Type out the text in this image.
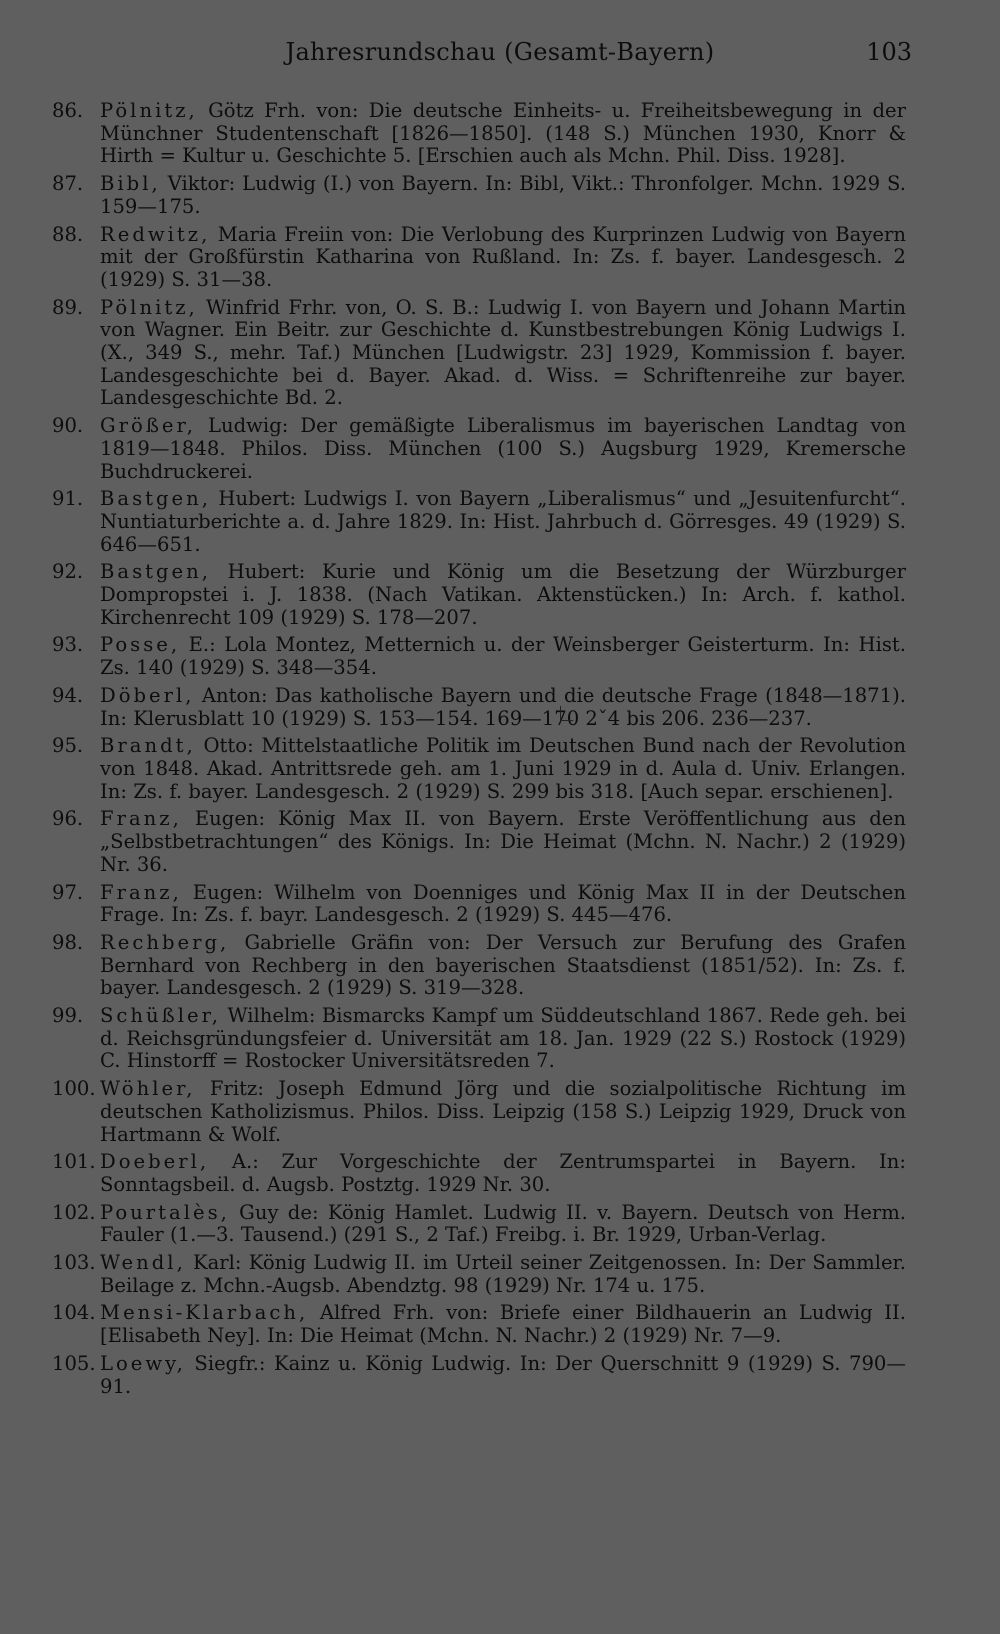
Jahresrundschau (Gesamt-Bayern)	103
86. Pölnitz, Götz Frh. von: Die deutsche Einheits- u. Freiheitsbewegung in der Münchner Studentenschaft [1826—1850]. (148 S.) München 1930, Knorr & Hirth = Kultur u. Geschichte 5. [Erschien auch als Mchn. Phil. Diss. 1928].
87. Bibl, Viktor: Ludwig (I.) von Bayern. In: Bibl, Vikt.: Thronfolger. Mchn. 1929 S. 159—175.
88. Redwitz, Maria Freiin von: Die Verlobung des Kurprinzen Ludwig von Bayern mit der Großfürstin Katharina von Rußland. In: Zs. f. bayer. Landesgesch. 2 (1929) S. 31—38.
89. Pölnitz, Winfrid Frhr. von, O. S. B.: Ludwig I. von Bayern und Johann Martin von Wagner. Ein Beitr. zur Geschichte d. Kunstbestrebungen König Ludwigs I. (X., 349 S., mehr. Taf.) München [Ludwigstr. 23] 1929, Kommission f. bayer. Landesgeschichte bei d. Bayer. Akad. d. Wiss. = Schriftenreihe zur bayer. Landesgeschichte Bd. 2.
90. Größer, Ludwig: Der gemäßigte Liberalismus im bayerischen Landtag von 1819—1848. Philos. Diss. München (100 S.) Augsburg 1929, Kremersche Buchdruckerei.
91. Bastgen, Hubert: Ludwigs I. von Bayern „Liberalismus“ und „Jesuitenfurcht“. Nuntiaturberichte a. d. Jahre 1829. In: Hist. Jahrbuch d. Görresges. 49 (1929) S. 646—651.
92. Bastgen, Hubert: Kurie und König um die Besetzung der Würzburger Dompropstei i. J. 1838. (Nach Vatikan. Aktenstücken.) In: Arch. f. kathol. Kirchenrecht 109 (1929) S. 178—207.
93. Posse, E.: Lola Montez, Metternich u. der Weinsberger Geisterturm. In: Hist. Zs. 140 (1929) S. 348—354.
94. Döberl, Anton: Das katholische Bayern und die deutsche Frage (1848—1871). In: Klerusblatt 10 (1929) S. 153—154. 169—170 2ˇ4 bis 206. 236—237.
95. Brandt, Otto: Mittelstaatliche Politik im Deutschen Bund nach der Revolution von 1848. Akad. Antrittsrede geh. am 1. Juni 1929 in d. Aula d. Univ. Erlangen. In: Zs. f. bayer. Landesgesch. 2 (1929) S. 299 bis 318. [Auch separ. erschienen].
96. Franz, Eugen: König Max II. von Bayern. Erste Veröffentlichung aus den „Selbstbetrachtungen“ des Königs. In: Die Heimat (Mchn. N. Nachr.) 2 (1929) Nr. 36.
97. Franz, Eugen: Wilhelm von Doenniges und König Max II in der Deutschen Frage. In: Zs. f. bayr. Landesgesch. 2 (1929) S. 445—476.
98. Rechberg, Gabrielle Gräfin von: Der Versuch zur Berufung des Grafen Bernhard von Rechberg in den bayerischen Staatsdienst (1851/52). In: Zs. f. bayer. Landesgesch. 2 (1929) S. 319—328.
99. Schüßler, Wilhelm: Bismarcks Kampf um Süddeutschland 1867. Rede geh. bei d. Reichsgründungsfeier d. Universität am 18. Jan. 1929 (22 S.) Rostock (1929) C. Hinstorff = Rostocker Universitätsreden 7.
100. Wöhler, Fritz: Joseph Edmund Jörg und die sozialpolitische Richtung im deutschen Katholizismus. Philos. Diss. Leipzig (158 S.) Leipzig 1929, Druck von Hartmann & Wolf.
101. Doeberl, A.: Zur Vorgeschichte der Zentrumspartei in Bayern. In: Sonntagsbeil. d. Augsb. Postztg. 1929 Nr. 30.
102. Pourtalès, Guy de: König Hamlet. Ludwig II. v. Bayern. Deutsch von Herm. Fauler (1.—3. Tausend.) (291 S., 2 Taf.) Freibg. i. Br. 1929, Urban-Verlag.
103. Wendl, Karl: König Ludwig II. im Urteil seiner Zeitgenossen. In: Der Sammler. Beilage z. Mchn.-Augsb. Abendztg. 98 (1929) Nr. 174 u. 175.
104. Mensi-Klarbach, Alfred Frh. von: Briefe einer Bildhauerin an Ludwig II. [Elisabeth Ney]. In: Die Heimat (Mchn. N. Nachr.) 2 (1929) Nr. 7—9.
105. Loewy, Siegfr.: Kainz u. König Ludwig. In: Der Querschnitt 9 (1929) S. 790—91.
